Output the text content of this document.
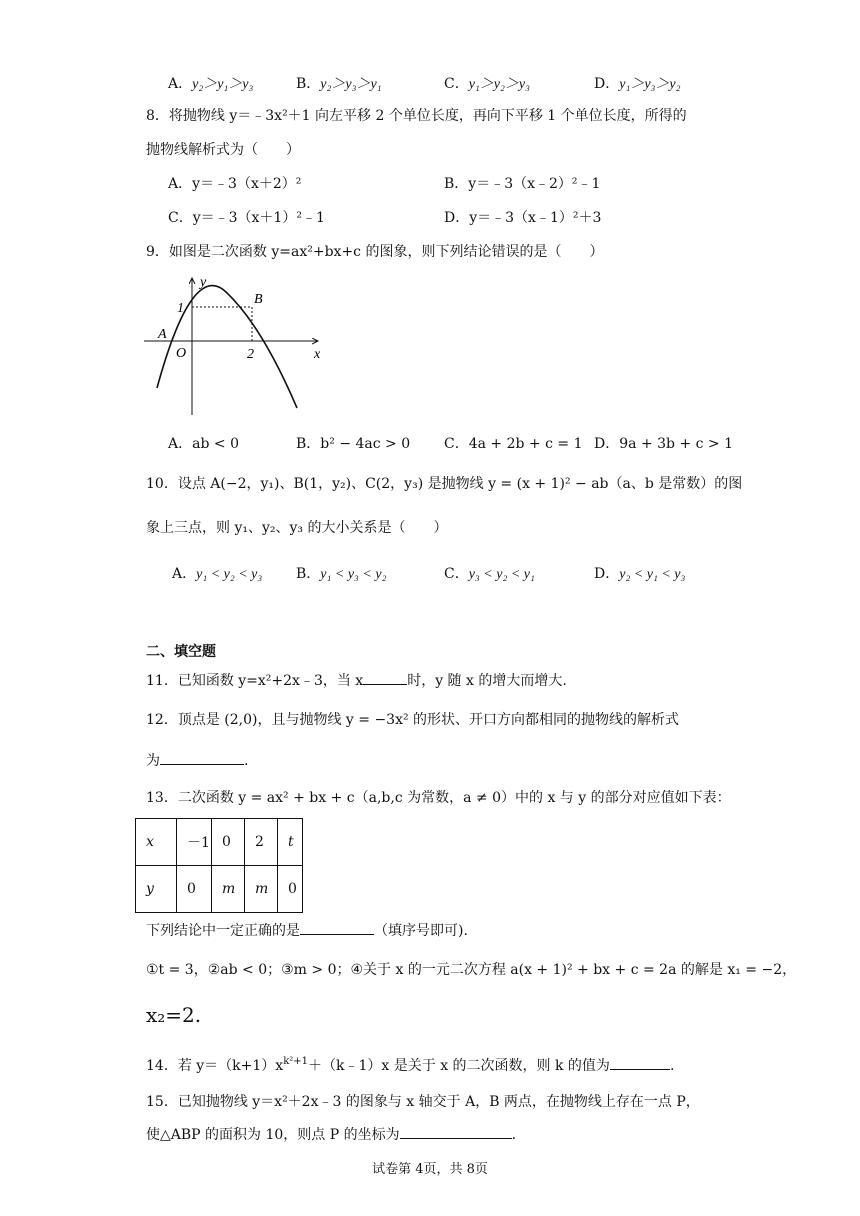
A．y₂＞y₁＞y₃	B．y₂＞y₃＞y₁	C．y₁＞y₂＞y₃	D．y₁＞y₃＞y₂
8．将抛物线 y＝﹣3x²＋1 向左平移 2 个单位长度，再向下平移 1 个单位长度，所得的
抛物线解析式为（　　）
A．y＝﹣3（x＋2）²	B．y＝﹣3（x﹣2）²﹣1
C．y＝﹣3（x＋1）²﹣1	D．y＝﹣3（x﹣1）²＋3
9．如图是二次函数 y=ax²+bx+c 的图象，则下列结论错误的是（　　）
y
x
O
A
B
1
2
A．ab < 0	B．b² − 4ac > 0 C．4a + 2b + c = 1 D．9a + 3b + c > 1
10．设点 A(−2，y₁)、B(1，y₂)、C(2，y₃) 是抛物线 y = (x + 1)² − ab（a、b 是常数）的图
象上三点，则 y₁、y₂、y₃ 的大小关系是（　　）
A．y₁ < y₂ < y₃ B．y₁ < y₃ < y₂	C．y₃ < y₂ < y₁	D．y₂ < y₁ < y₃
二、填空题
11．已知函数 y=x²+2x﹣3，当 x	时，y 随 x 的增大而增大.
12．顶点是 (2,0)，且与抛物线 y = −3x² 的形状、开口方向都相同的抛物线的解析式
为	.
13．二次函数 y = ax² + bx + c（a,b,c 为常数，a ≠ 0）中的 x 与 y 的部分对应值如下表：
x	－1	0	2	t
y	0	m	m	0
下列结论中一定正确的是	（填序号即可).
①t = 3，②ab < 0；③m > 0；④关于 x 的一元二次方程 a(x + 1)² + bx + c = 2a 的解是 x₁ = −2，
x₂=2.
14．若 $y=(k+1)x^{k^2+1}+(k﹣1)x$ 是关于 x 的二次函数，则 k 的值为	.
15．已知抛物线 y＝x²＋2x﹣3 的图象与 x 轴交于 A，B 两点，在抛物线上存在一点 P，
使△ABP 的面积为 10，则点 P 的坐标为	.
试卷第 4页，共 8页
